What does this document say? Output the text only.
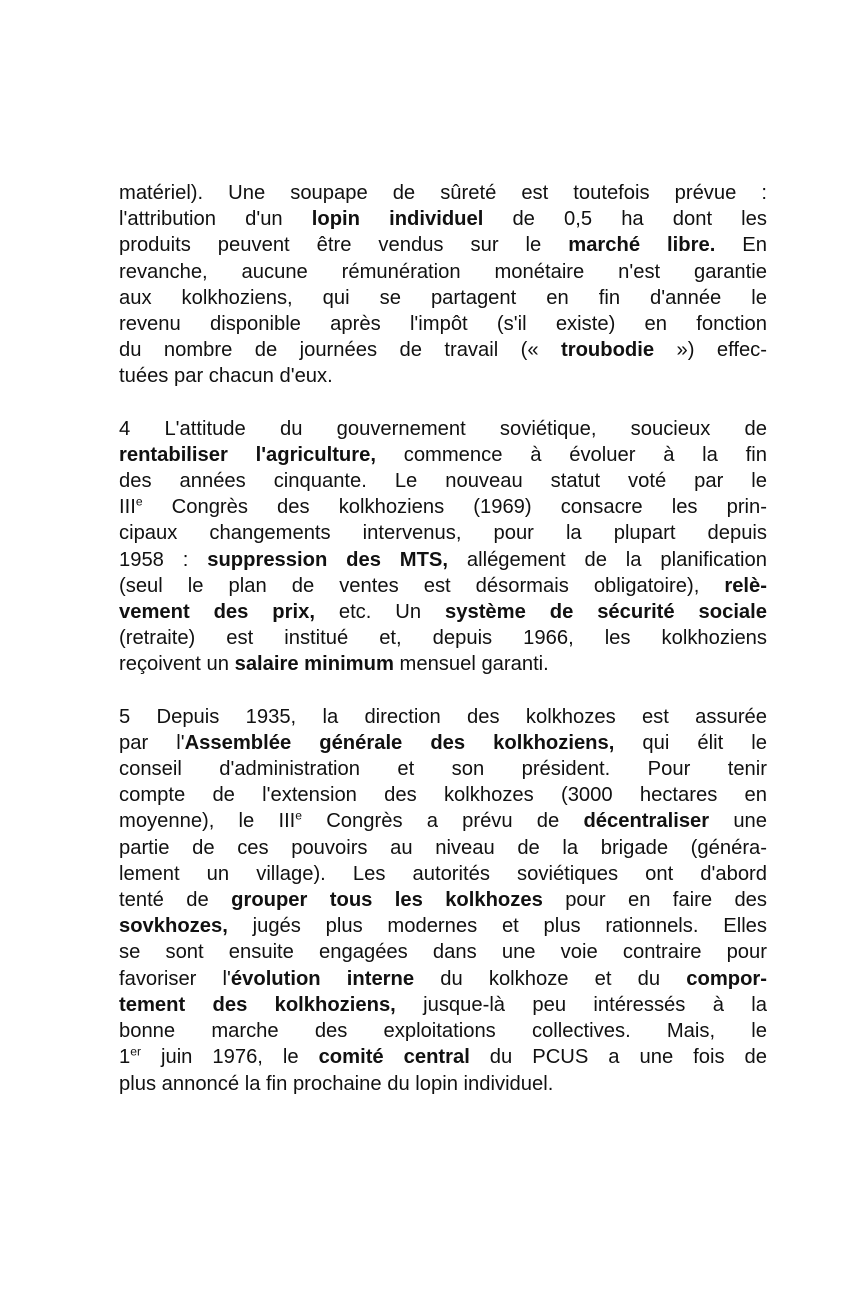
matériel). Une soupape de sûreté est toutefois prévue :
l'attribution d'un lopin individuel de 0,5 ha dont les
produits peuvent être vendus sur le marché libre. En
revanche, aucune rémunération monétaire n'est garantie
aux kolkhoziens, qui se partagent en fin d'année le
revenu disponible après l'impôt (s'il existe) en fonction
du nombre de journées de travail (« troubodie ») effec-
tuées par chacun d'eux.

4 L'attitude du gouvernement soviétique, soucieux de
rentabiliser l'agriculture, commence à évoluer à la fin
des années cinquante. Le nouveau statut voté par le
IIIe Congrès des kolkhoziens (1969) consacre les prin-
cipaux changements intervenus, pour la plupart depuis
1958 : suppression des MTS, allégement de la planification
(seul le plan de ventes est désormais obligatoire), relè-
vement des prix, etc. Un système de sécurité sociale
(retraite) est institué et, depuis 1966, les kolkhoziens
reçoivent un salaire minimum mensuel garanti.

5 Depuis 1935, la direction des kolkhozes est assurée
par l'Assemblée générale des kolkhoziens, qui élit le
conseil d'administration et son président. Pour tenir
compte de l'extension des kolkhozes (3000 hectares en
moyenne), le IIIe Congrès a prévu de décentraliser une
partie de ces pouvoirs au niveau de la brigade (généra-
lement un village). Les autorités soviétiques ont d'abord
tenté de grouper tous les kolkhozes pour en faire des
sovkhozes, jugés plus modernes et plus rationnels. Elles
se sont ensuite engagées dans une voie contraire pour
favoriser l'évolution interne du kolkhoze et du compor-
tement des kolkhoziens, jusque-là peu intéressés à la
bonne marche des exploitations collectives. Mais, le
1er juin 1976, le comité central du PCUS a une fois de
plus annoncé la fin prochaine du lopin individuel.
